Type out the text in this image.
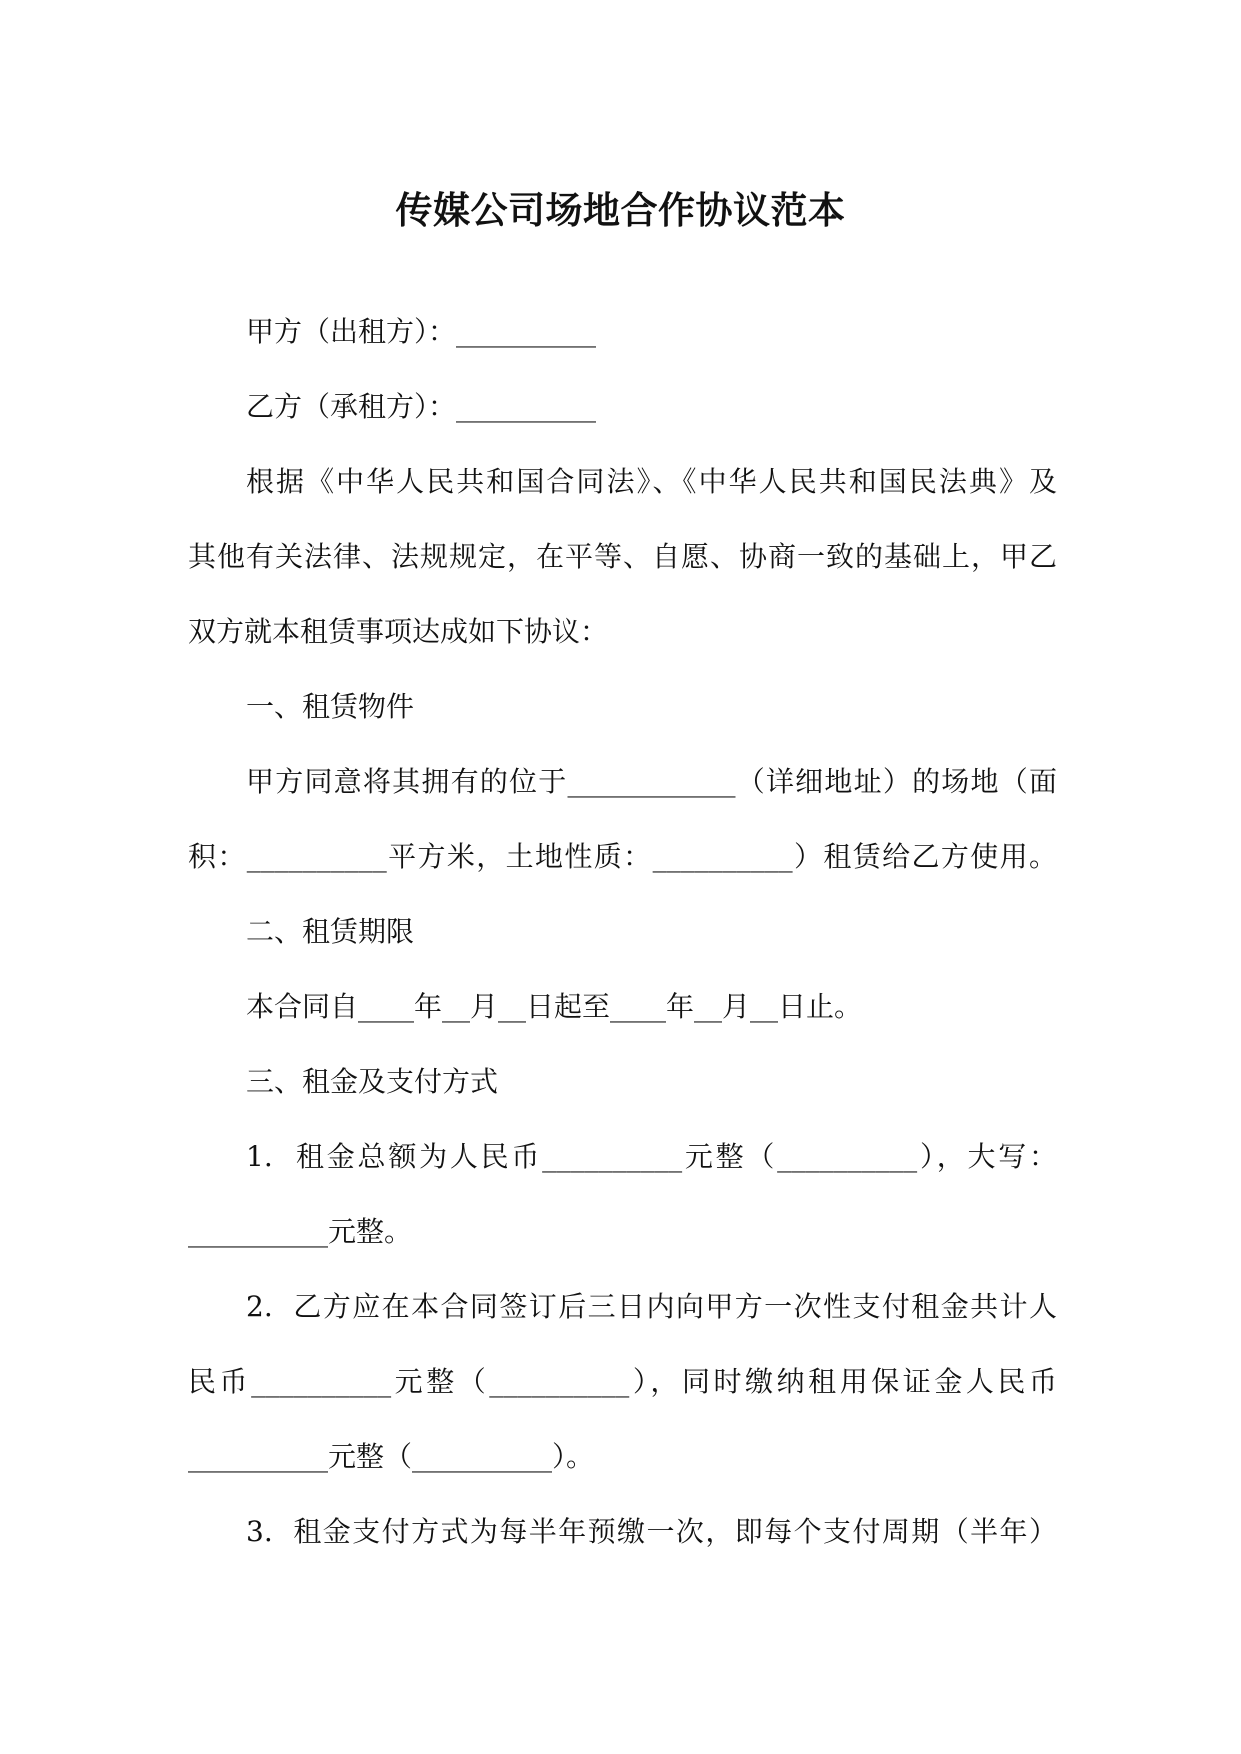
传媒公司场地合作协议范本
甲方（出租方）：__________
乙方（承租方）：__________
根据《中华人民共和国合同法》、《中华人民共和国民法典》及
其他有关法律、法规规定，在平等、自愿、协商一致的基础上，甲乙
双方就本租赁事项达成如下协议：
一、租赁物件
甲方同意将其拥有的位于____________（详细地址）的场地（面
积：__________平方米，土地性质：__________）租赁给乙方使用。
二、租赁期限
本合同自____年__月__日起至____年__月__日止。
三、租金及支付方式
1.  租金总额为人民币__________元整（__________），大写：
__________元整。
2.  乙方应在本合同签订后三日内向甲方一次性支付租金共计人
民币__________元整（__________），同时缴纳租用保证金人民币
__________元整（__________）。
3.  租金支付方式为每半年预缴一次，即每个支付周期（半年）
